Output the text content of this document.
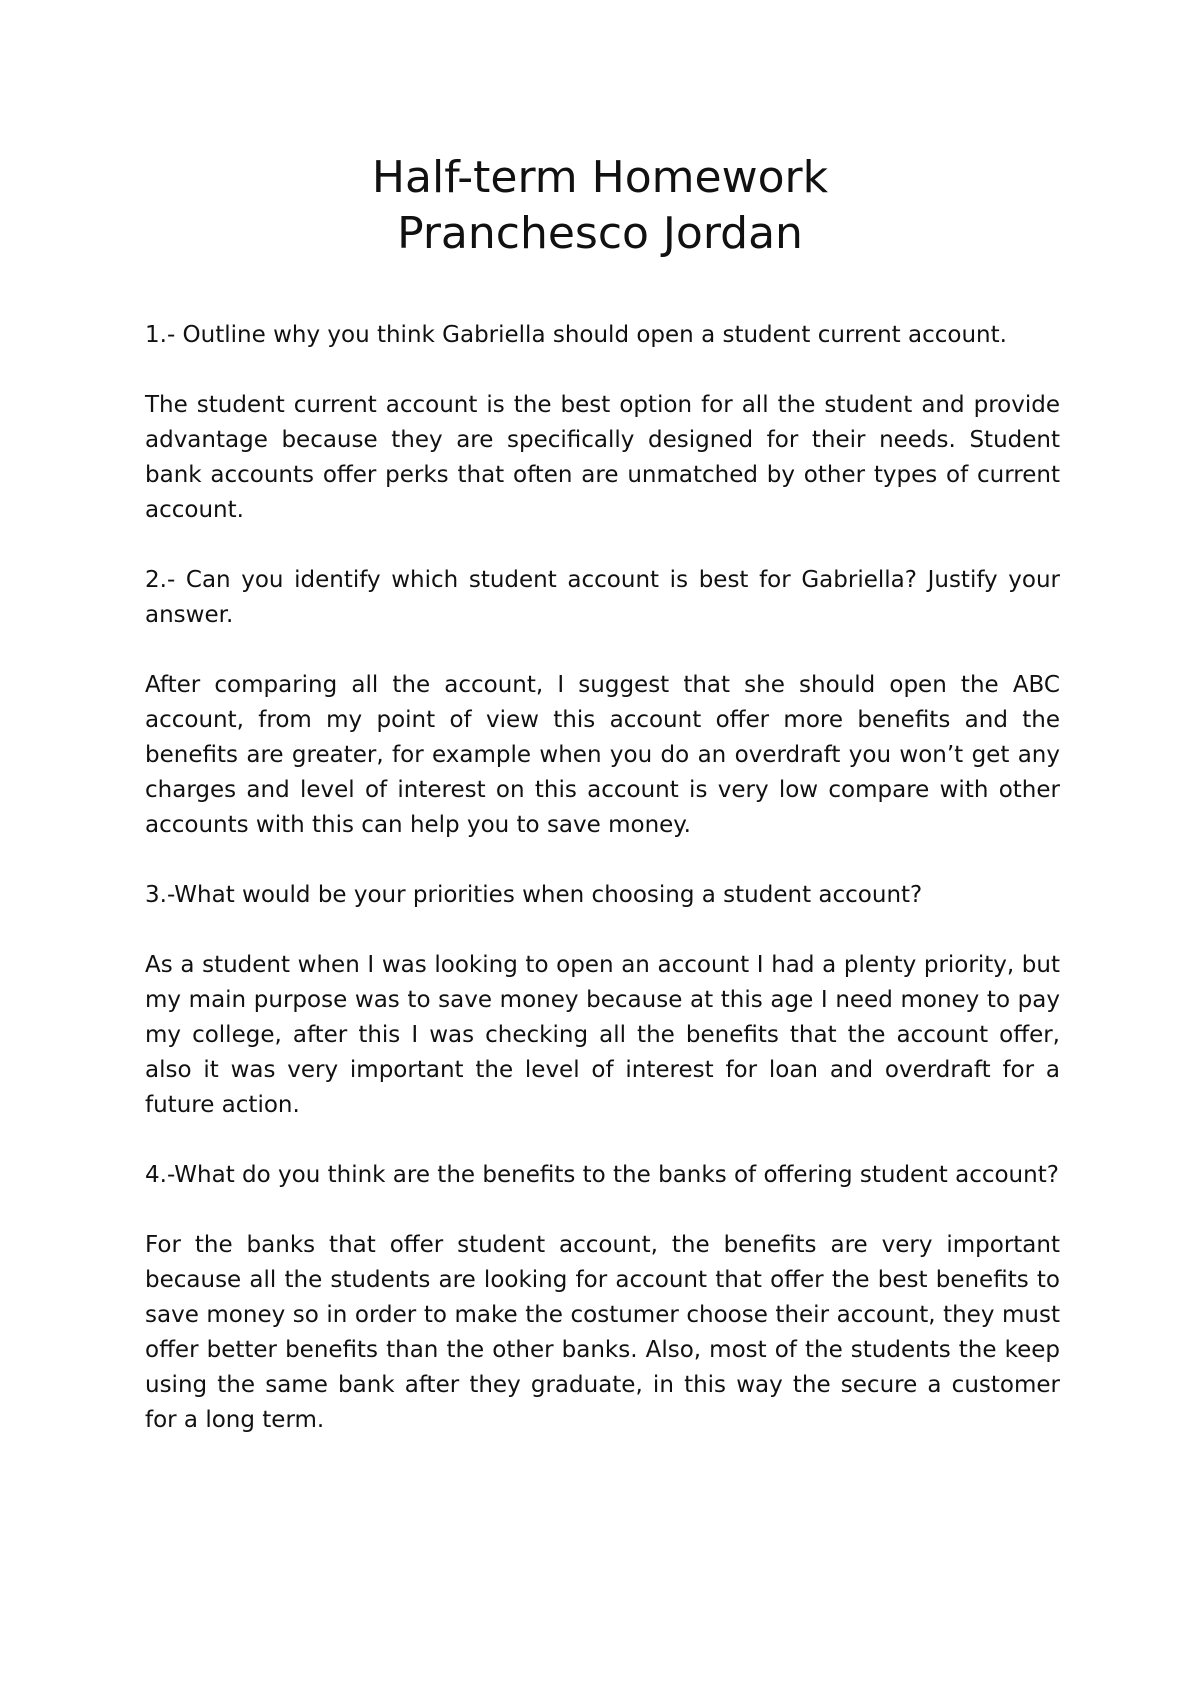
Half-term Homework
Pranchesco Jordan

1.- Outline why you think Gabriella should open a student current account.

The student current account is the best option for all the student and provide advantage because they are specifically designed for their needs. Student bank accounts offer perks that often are unmatched by other types of current account.

2.- Can you identify which student account is best for Gabriella? Justify your answer.

After comparing all the account, I suggest that she should open the ABC account, from my point of view this account offer more benefits and the benefits are greater, for example when you do an overdraft you won’t get any charges and level of interest on this account is very low compare with other accounts with this can help you to save money.

3.-What would be your priorities when choosing a student account?

As a student when I was looking to open an account I had a plenty priority, but my main purpose was to save money because at this age I need money to pay my college, after this I was checking all the benefits that the account offer, also it was very important the level of interest for loan and overdraft for a future action.

4.-What do you think are the benefits to the banks of offering student account?

For the banks that offer student account, the benefits are very important because all the students are looking for account that offer the best benefits to save money so in order to make the costumer choose their account, they must offer better benefits than the other banks. Also, most of the students the keep using the same bank after they graduate, in this way the secure a customer for a long term.
